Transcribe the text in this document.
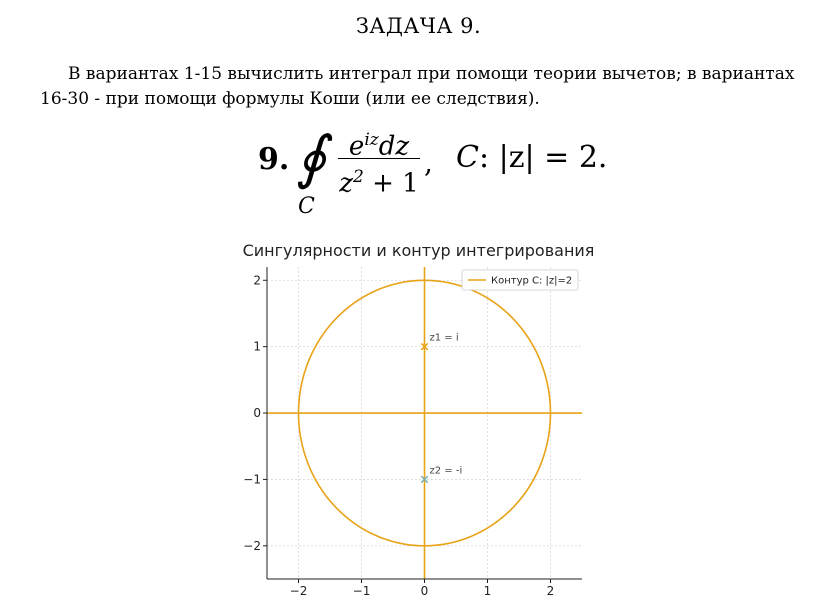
ЗАДАЧА 9.
В вариантах 1-15 вычислить интеграл при помощи теории вычетов; в вариантах 16-30 - при помощи формулы Коши (или ее следствия).
9. ∮
C
$e^{iz}dz$
$z^2 + 1$
, C: |z| = 2.
Сингулярности и контур интегрирования
z1 = i
z2 = -i
−2	−1	0	1	2
−2
−1
0
1
2	Контур C: |z|=2
